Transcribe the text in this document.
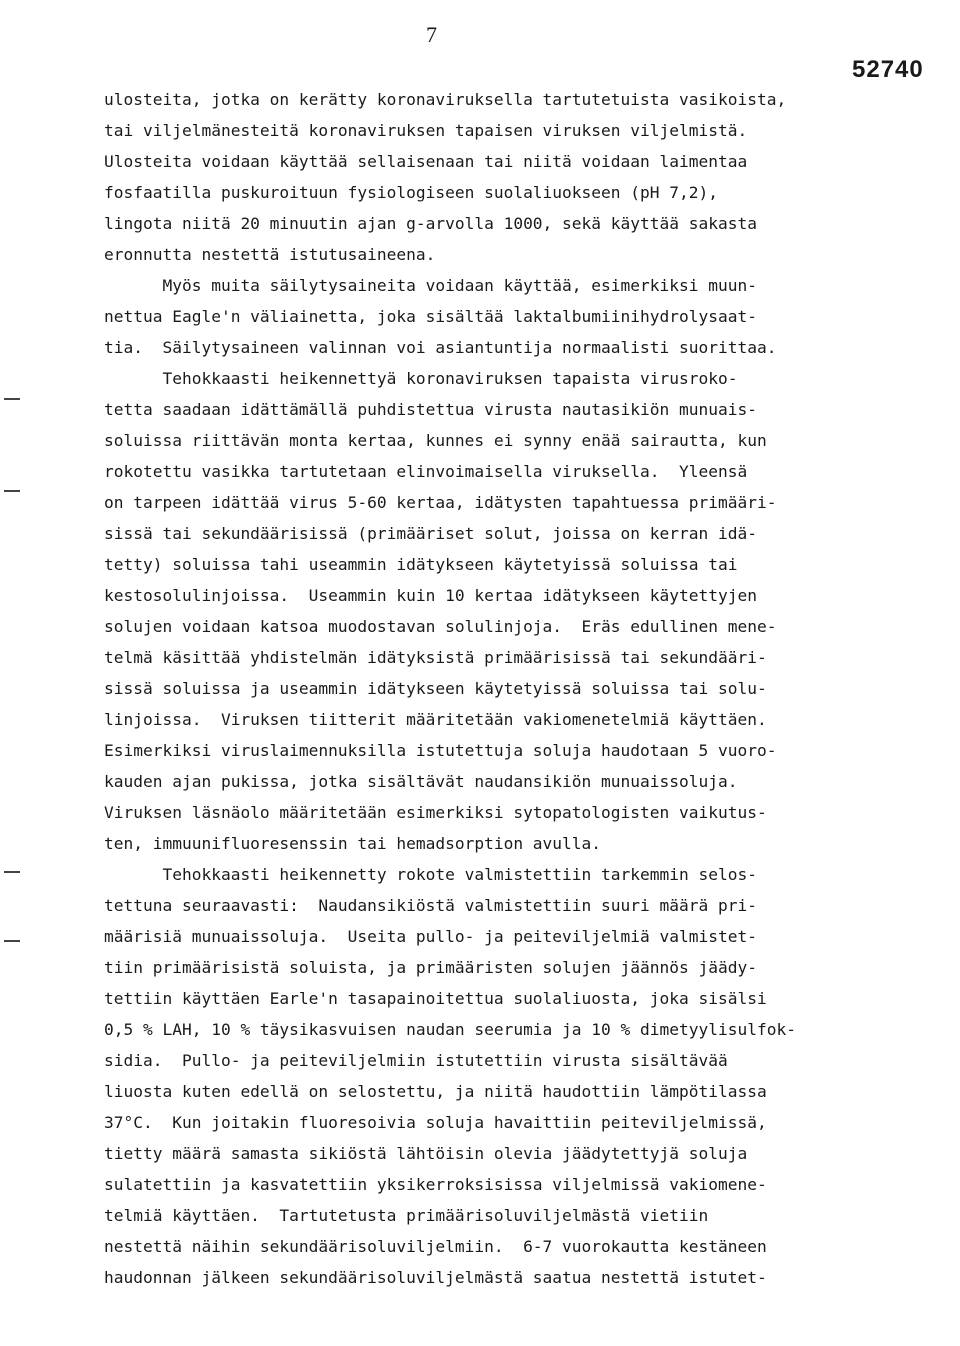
7
52740
ulosteita, jotka on kerätty koronaviruksella tartutetuista vasikoista,
tai viljelmänesteitä koronaviruksen tapaisen viruksen viljelmistä.
Ulosteita voidaan käyttää sellaisenaan tai niitä voidaan laimentaa
fosfaatilla puskuroituun fysiologiseen suolaliuokseen (pH 7,2),
lingota niitä 20 minuutin ajan g-arvolla 1000, sekä käyttää sakasta
eronnutta nestettä istutusaineena.
Myös muita säilytysaineita voidaan käyttää, esimerkiksi muun-
nettua Eagle'n väliainetta, joka sisältää laktalbumiinihydrolysaat-
tia.  Säilytysaineen valinnan voi asiantuntija normaalisti suorittaa.
Tehokkaasti heikennettyä koronaviruksen tapaista virusroko-
tetta saadaan idättämällä puhdistettua virusta nautasikiön munuais-
soluissa riittävän monta kertaa, kunnes ei synny enää sairautta, kun
rokotettu vasikka tartutetaan elinvoimaisella viruksella.  Yleensä
on tarpeen idättää virus 5-60 kertaa, idätysten tapahtuessa primääri-
sissä tai sekundäärisissä (primääriset solut, joissa on kerran idä-
tetty) soluissa tahi useammin idätykseen käytetyissä soluissa tai
kestosolulinjoissa.  Useammin kuin 10 kertaa idätykseen käytettyjen
solujen voidaan katsoa muodostavan solulinjoja.  Eräs edullinen mene-
telmä käsittää yhdistelmän idätyksistä primäärisissä tai sekundääri-
sissä soluissa ja useammin idätykseen käytetyissä soluissa tai solu-
linjoissa.  Viruksen tiitterit määritetään vakiomenetelmiä käyttäen.
Esimerkiksi viruslaimennuksilla istutettuja soluja haudotaan 5 vuoro-
kauden ajan pukissa, jotka sisältävät naudansikiön munuaissoluja.
Viruksen läsnäolo määritetään esimerkiksi sytopatologisten vaikutus-
ten, immuunifluoresenssin tai hemadsorption avulla.
Tehokkaasti heikennetty rokote valmistettiin tarkemmin selos-
tettuna seuraavasti:  Naudansikiöstä valmistettiin suuri määrä pri-
määrisiä munuaissoluja.  Useita pullo- ja peiteviljelmiä valmistet-
tiin primäärisistä soluista, ja primääristen solujen jäännös jäädy-
tettiin käyttäen Earle'n tasapainoitettua suolaliuosta, joka sisälsi
0,5 % LAH, 10 % täysikasvuisen naudan seerumia ja 10 % dimetyylisulfok-
sidia.  Pullo- ja peiteviljelmiin istutettiin virusta sisältävää
liuosta kuten edellä on selostettu, ja niitä haudottiin lämpötilassa
37°C.  Kun joitakin fluoresoivia soluja havaittiin peiteviljelmissä,
tietty määrä samasta sikiöstä lähtöisin olevia jäädytettyjä soluja
sulatettiin ja kasvatettiin yksikerroksisissa viljelmissä vakiomene-
telmiä käyttäen.  Tartutetusta primäärisoluviljelmästä vietiin
nestettä näihin sekundäärisoluviljelmiin.  6-7 vuorokautta kestäneen
haudonnan jälkeen sekundäärisoluviljelmästä saatua nestettä istutet-
